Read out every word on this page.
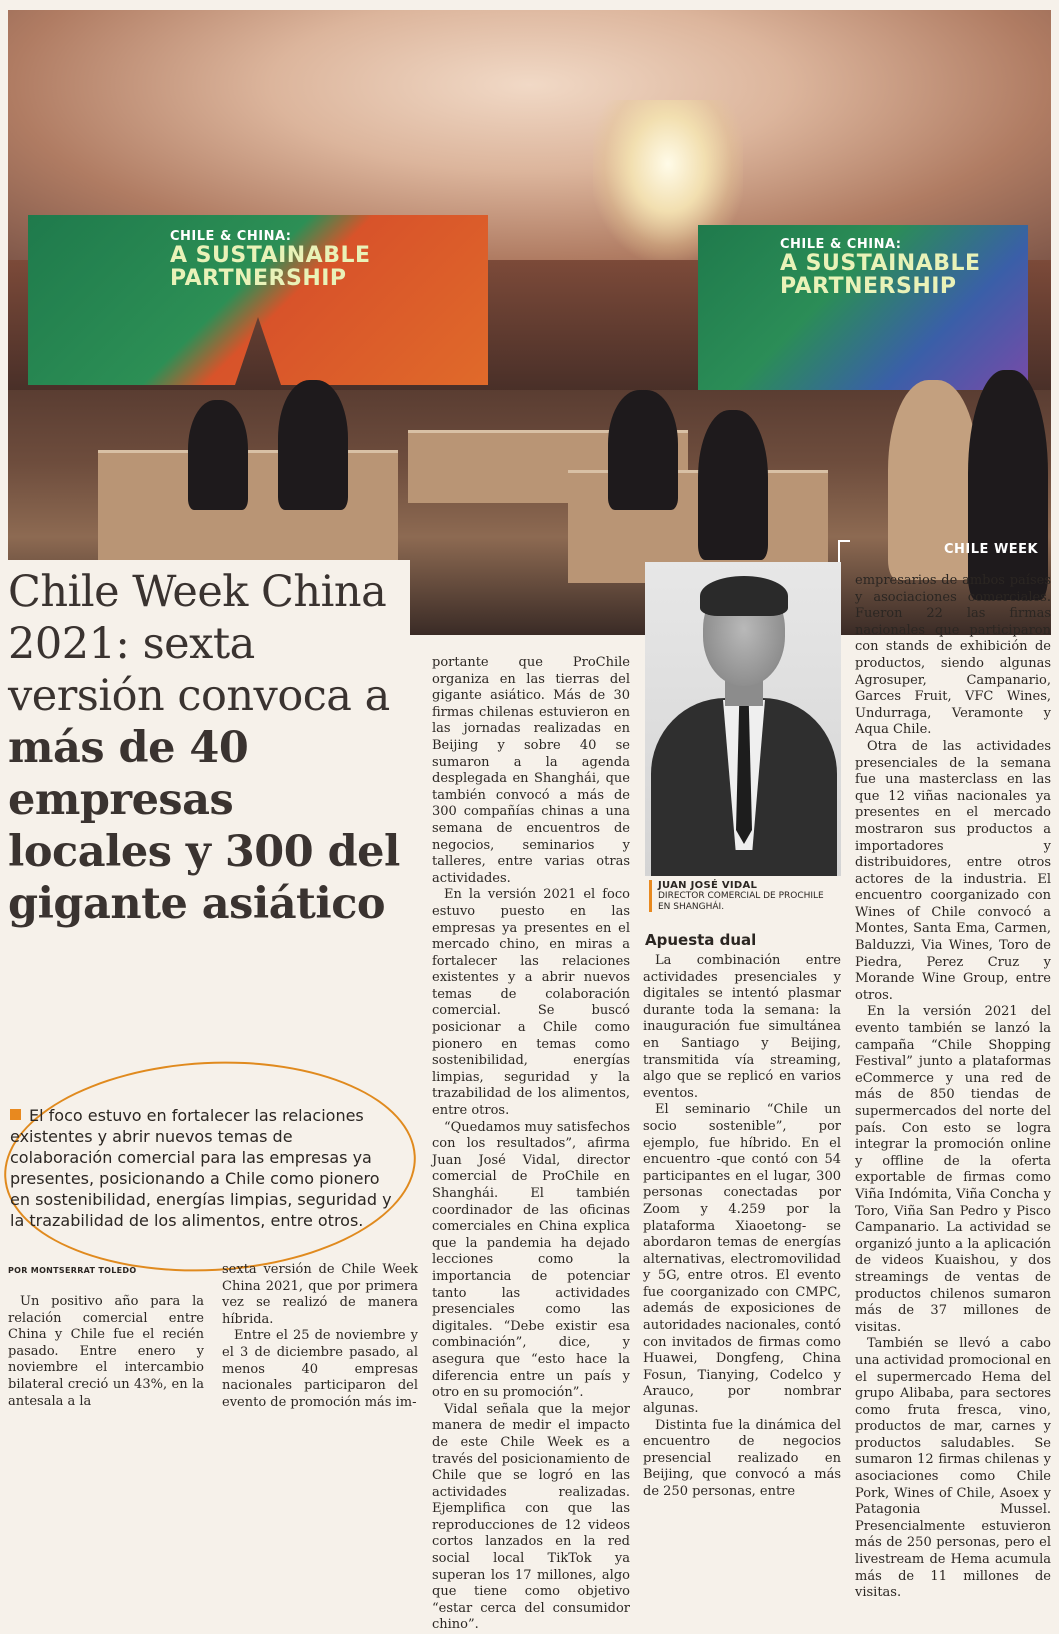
CHILE & CHINA:
A SUSTAINABLE
PARTNERSHIP
CHILE & CHINA:
A SUSTAINABLE
PARTNERSHIP
CHILE WEEK
Chile Week China 2021: sexta versión convoca a más de 40 empresas locales y 300 del gigante asiático
El foco estuvo en fortalecer las relaciones existentes y abrir nuevos temas de colaboración comercial para las empresas ya presentes, posicionando a Chile como pionero en sostenibilidad, energías limpias, seguridad y la trazabilidad de los alimentos, entre otros.
POR MONTSERRAT TOLEDO
JUAN JOSÉ VIDAL
DIRECTOR COMERCIAL DE PROCHILE EN SHANGHÁI.
Apuesta dual

Un positivo año para la relación comercial entre China y Chile fue el recién pasado. Entre enero y noviembre el intercambio bilateral creció un 43%, en la antesala a la

sexta versión de Chile Week China 2021, que por primera vez se realizó de manera híbrida.

Entre el 25 de noviembre y el 3 de diciembre pasado, al menos 40 empresas nacionales participaron del evento de promoción más im-

portante que ProChile organiza en las tierras del gigante asiático. Más de 30 firmas chilenas estuvieron en las jornadas realizadas en Beijing y sobre 40 se sumaron a la agenda desplegada en Shanghái, que también convocó a más de 300 compañías chinas a una semana de encuentros de negocios, seminarios y talleres, entre varias otras actividades.

En la versión 2021 el foco estuvo puesto en las empresas ya presentes en el mercado chino, en miras a fortalecer las relaciones existentes y a abrir nuevos temas de colaboración comercial. Se buscó posicionar a Chile como pionero en temas como sostenibilidad, energías limpias, seguridad y la trazabilidad de los alimentos, entre otros.

“Quedamos muy satisfechos con los resultados”, afirma Juan José Vidal, director comercial de ProChile en Shanghái. El también coordinador de las oficinas comerciales en China explica que la pandemia ha dejado lecciones como la importancia de potenciar tanto las actividades presenciales como las digitales. “Debe existir esa combinación”, dice, y asegura que “esto hace la diferencia entre un país y otro en su promoción”.

Vidal señala que la mejor manera de medir el impacto de este Chile Week es a través del posicionamiento de Chile que se logró en las actividades realizadas. Ejemplifica con que las reproducciones de 12 videos cortos lanzados en la red social local TikTok ya superan los 17 millones, algo que tiene como objetivo “estar cerca del consumidor chino”.

La combinación entre actividades presenciales y digitales se intentó plasmar durante toda la semana: la inauguración fue simultánea en Santiago y Beijing, transmitida vía streaming, algo que se replicó en varios eventos.

El seminario “Chile un socio sostenible”, por ejemplo, fue híbrido. En el encuentro -que contó con 54 participantes en el lugar, 300 personas conectadas por Zoom y 4.259 por la plataforma Xiaoetong- se abordaron temas de energías alternativas, electromovilidad y 5G, entre otros. El evento fue coorganizado con CMPC, además de exposiciones de autoridades nacionales, contó con invitados de firmas como Huawei, Dongfeng, China Fosun, Tianying, Codelco y Arauco, por nombrar algunas.

Distinta fue la dinámica del encuentro de negocios presencial realizado en Beijing, que convocó a más de 250 personas, entre

empresarios de ambos países y asociaciones comerciales. Fueron 22 las firmas nacionales que participaron con stands de exhibición de productos, siendo algunas Agrosuper, Campanario, Garces Fruit, VFC Wines, Undurraga, Veramonte y Aqua Chile.

Otra de las actividades presenciales de la semana fue una masterclass en las que 12 viñas nacionales ya presentes en el mercado mostraron sus productos a importadores y distribuidores, entre otros actores de la industria. El encuentro coorganizado con Wines of Chile convocó a Montes, Santa Ema, Carmen, Balduzzi, Via Wines, Toro de Piedra, Perez Cruz y Morande Wine Group, entre otros.

En la versión 2021 del evento también se lanzó la campaña “Chile Shopping Festival” junto a plataformas eCommerce y una red de más de 850 tiendas de supermercados del norte del país. Con esto se logra integrar la promoción online y offline de la oferta exportable de firmas como Viña Indómita, Viña Concha y Toro, Viña San Pedro y Pisco Campanario. La actividad se organizó junto a la aplicación de videos Kuaishou, y dos streamings de ventas de productos chilenos sumaron más de 37 millones de visitas.

También se llevó a cabo una actividad promocional en el supermercado Hema del grupo Alibaba, para sectores como fruta fresca, vino, productos de mar, carnes y productos saludables. Se sumaron 12 firmas chilenas y asociaciones como Chile Pork, Wines of Chile, Asoex y Patagonia Mussel. Presencialmente estuvieron más de 250 personas, pero el livestream de Hema acumula más de 11 millones de visitas.
